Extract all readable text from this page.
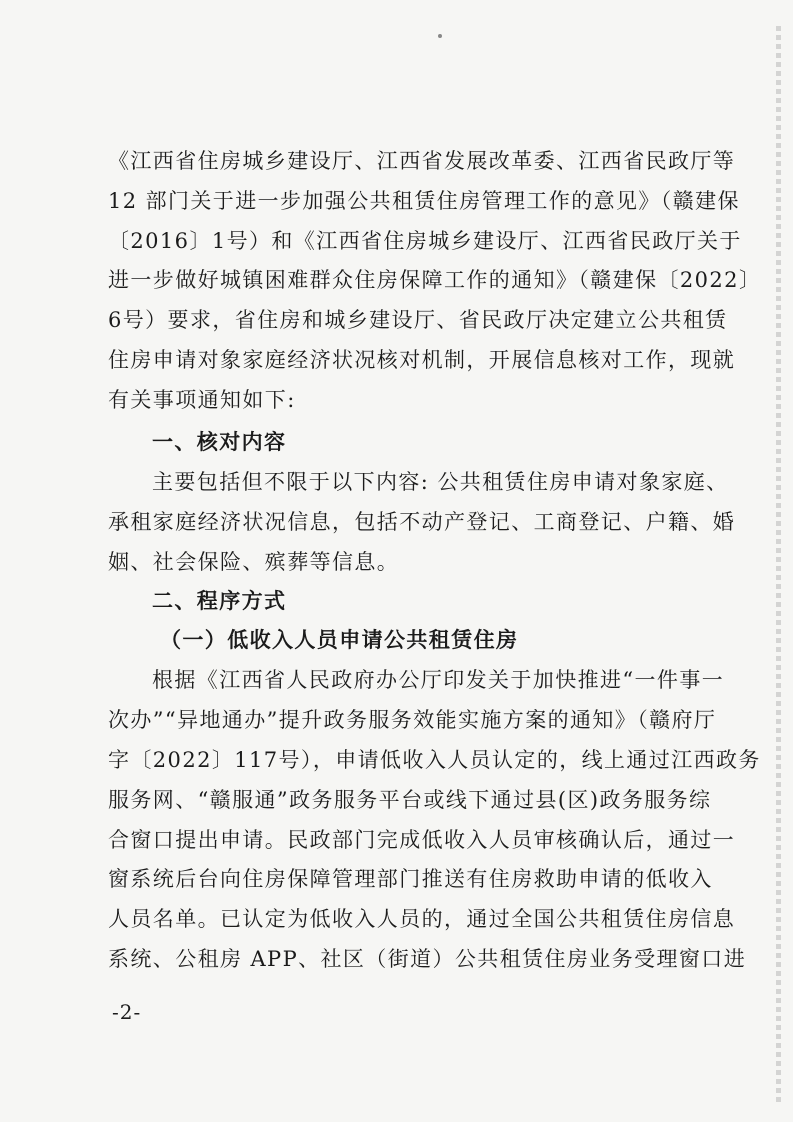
《江西省住房城乡建设厅、江西省发展改革委、江西省民政厅等
12 部门关于进一步加强公共租赁住房管理工作的意见》（赣建保
〔2016〕1号）和《江西省住房城乡建设厅、江西省民政厅关于
进一步做好城镇困难群众住房保障工作的通知》（赣建保〔2022〕
6号）要求，省住房和城乡建设厅、省民政厅决定建立公共租赁
住房申请对象家庭经济状况核对机制，开展信息核对工作，现就
有关事项通知如下:
一、核对内容
主要包括但不限于以下内容: 公共租赁住房申请对象家庭、
承租家庭经济状况信息，包括不动产登记、工商登记、户籍、婚
姻、社会保险、殡葬等信息。
二、程序方式
（一）低收入人员申请公共租赁住房
根据《江西省人民政府办公厅印发关于加快推进“一件事一
次办”“异地通办”提升政务服务效能实施方案的通知》（赣府厅
字〔2022〕117号），申请低收入人员认定的，线上通过江西政务
服务网、“赣服通”政务服务平台或线下通过县(区)政务服务综
合窗口提出申请。民政部门完成低收入人员审核确认后，通过一
窗系统后台向住房保障管理部门推送有住房救助申请的低收入
人员名单。已认定为低收入人员的，通过全国公共租赁住房信息
系统、公租房 APP、社区（街道）公共租赁住房业务受理窗口进
-2-
